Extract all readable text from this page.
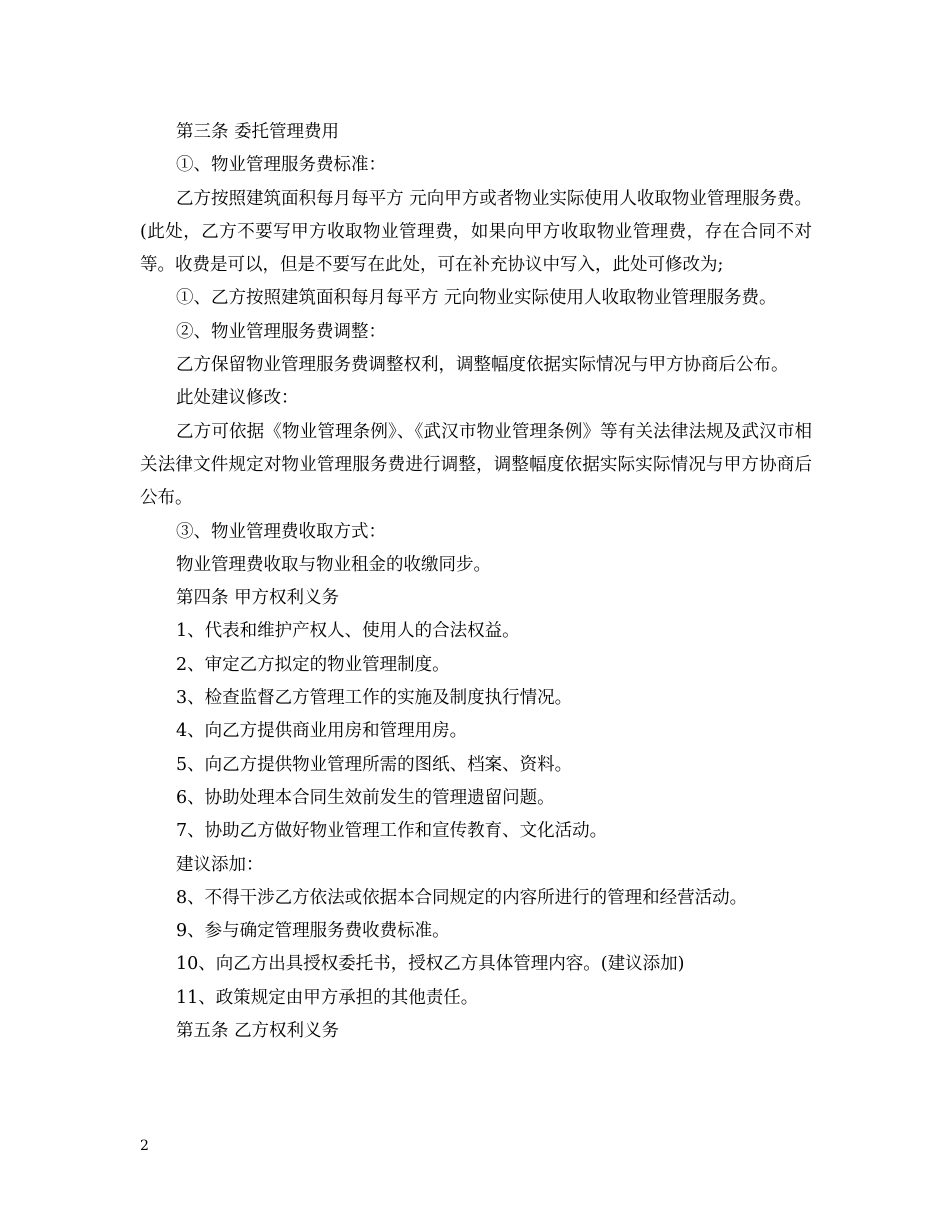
第三条 委托管理费用

①、物业管理服务费标准：

乙方按照建筑面积每月每平方 元向甲方或者物业实际使用人收取物业管理服务费。(此处，乙方不要写甲方收取物业管理费，如果向甲方收取物业管理费，存在合同不对等。收费是可以，但是不要写在此处，可在补充协议中写入，此处可修改为;

①、乙方按照建筑面积每月每平方 元向物业实际使用人收取物业管理服务费。

②、物业管理服务费调整：

乙方保留物业管理服务费调整权利，调整幅度依据实际情况与甲方协商后公布。

此处建议修改：

乙方可依据《物业管理条例》、《武汉市物业管理条例》等有关法律法规及武汉市相关法律文件规定对物业管理服务费进行调整，调整幅度依据实际实际情况与甲方协商后公布。

③、物业管理费收取方式：

物业管理费收取与物业租金的收缴同步。

第四条 甲方权利义务

1、代表和维护产权人、使用人的合法权益。

2、审定乙方拟定的物业管理制度。

3、检查监督乙方管理工作的实施及制度执行情况。

4、向乙方提供商业用房和管理用房。

5、向乙方提供物业管理所需的图纸、档案、资料。

6、协助处理本合同生效前发生的管理遗留问题。

7、协助乙方做好物业管理工作和宣传教育、文化活动。

建议添加：

8、不得干涉乙方依法或依据本合同规定的内容所进行的管理和经营活动。

9、参与确定管理服务费收费标准。

10、向乙方出具授权委托书，授权乙方具体管理内容。(建议添加)

11、政策规定由甲方承担的其他责任。

第五条 乙方权利义务

2
